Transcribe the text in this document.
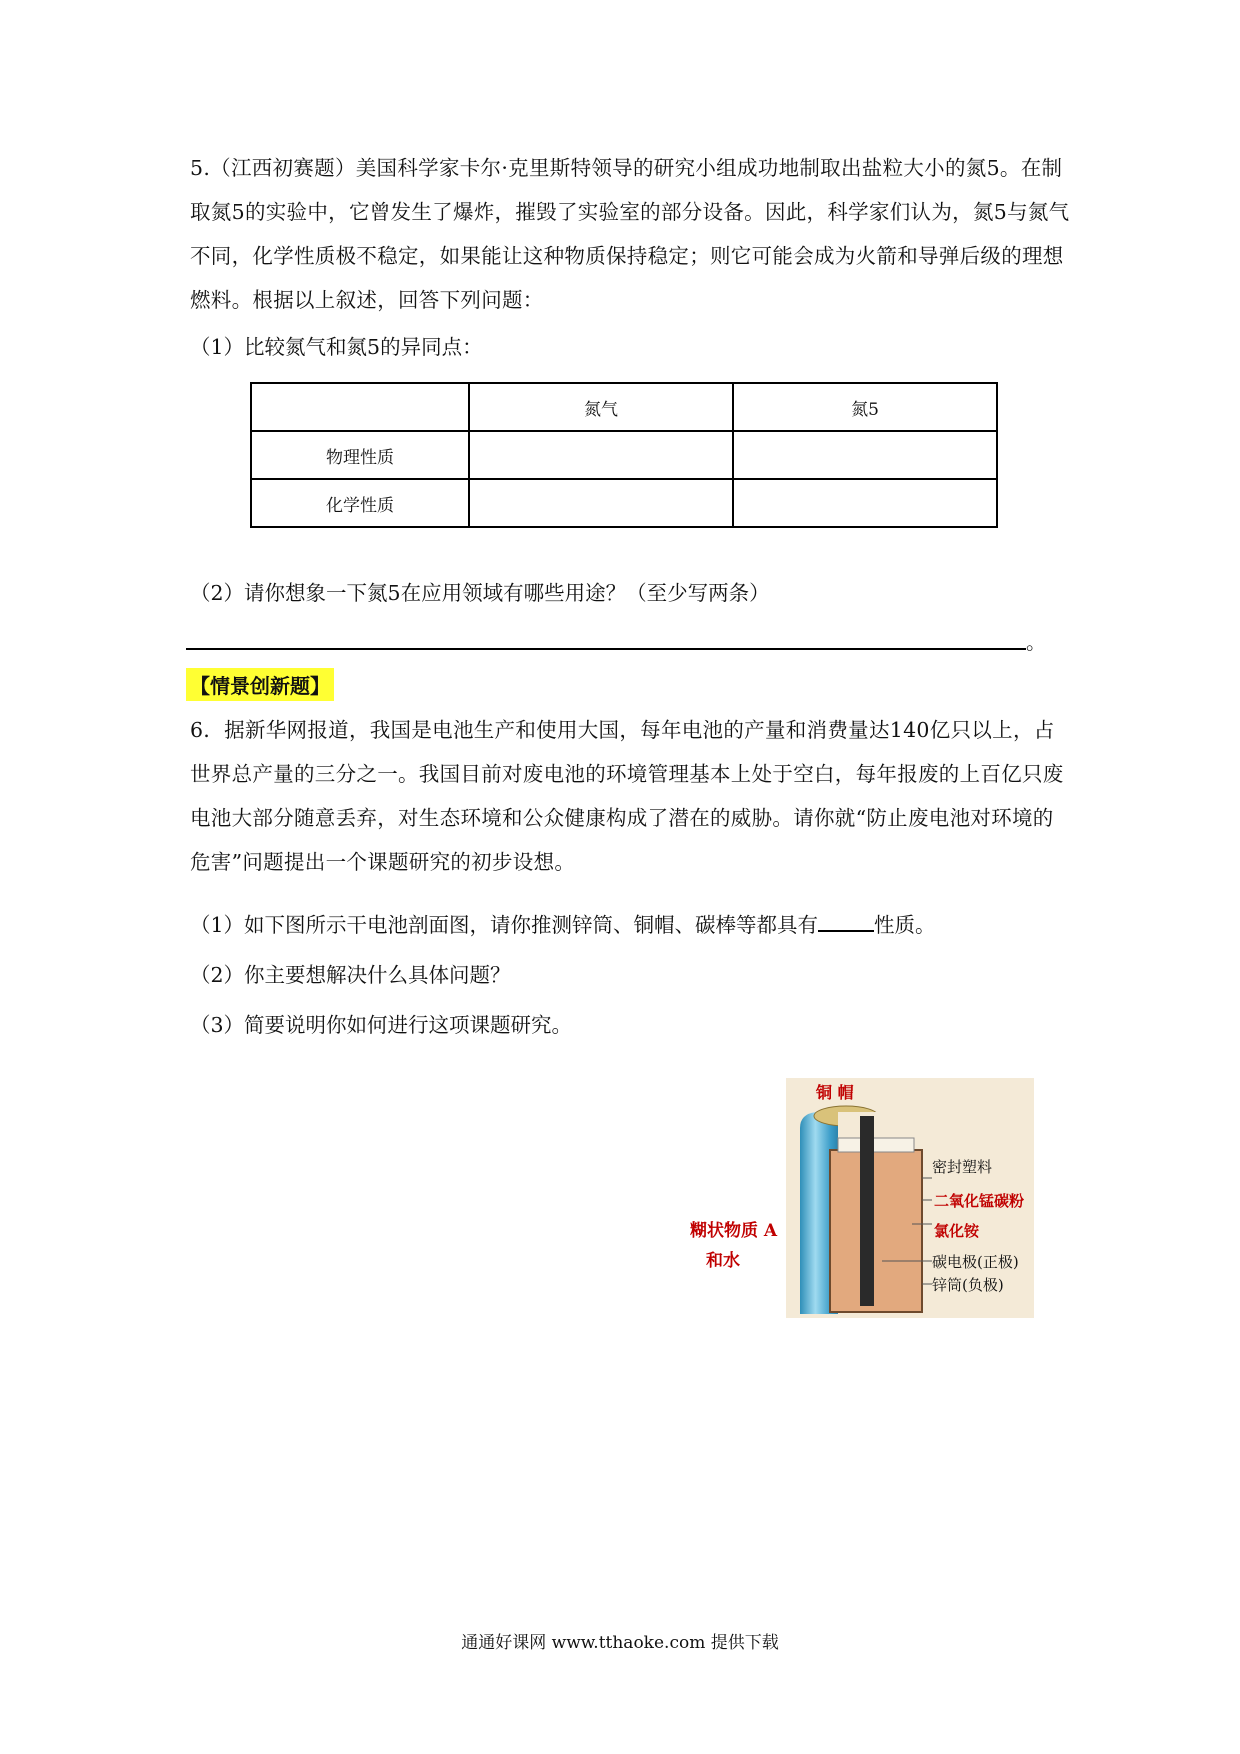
5.（江西初赛题）美国科学家卡尔·克里斯特领导的研究小组成功地制取出盐粒大小的氮5。在制取氮5的实验中，它曾发生了爆炸，摧毁了实验室的部分设备。因此，科学家们认为，氮5与氮气不同，化学性质极不稳定，如果能让这种物质保持稳定；则它可能会成为火箭和导弹后级的理想燃料。根据以上叙述，回答下列问题：
（1）比较氮气和氮5的异同点：
	氮气	氮5
物理性质		
化学性质		
（2）请你想象一下氮5在应用领域有哪些用途？（至少写两条）
。
【情景创新题】
6．据新华网报道，我国是电池生产和使用大国，每年电池的产量和消费量达140亿只以上，占世界总产量的三分之一。我国目前对废电池的环境管理基本上处于空白，每年报废的上百亿只废电池大部分随意丢弃，对生态环境和公众健康构成了潜在的威胁。请你就“防止废电池对环境的危害”问题提出一个课题研究的初步设想。
（1）如下图所示干电池剖面图，请你推测锌筒、铜帽、碳棒等都具有	性质。
（2）你主要想解决什么具体问题？
（3）简要说明你如何进行这项课题研究。
铜 帽
密封塑料
二氧化锰碳粉
氯化铵
碳电极(正极)
锌筒(负极)
糊状物质 A
和水
通通好课网 www.tthaoke.com 提供下载
